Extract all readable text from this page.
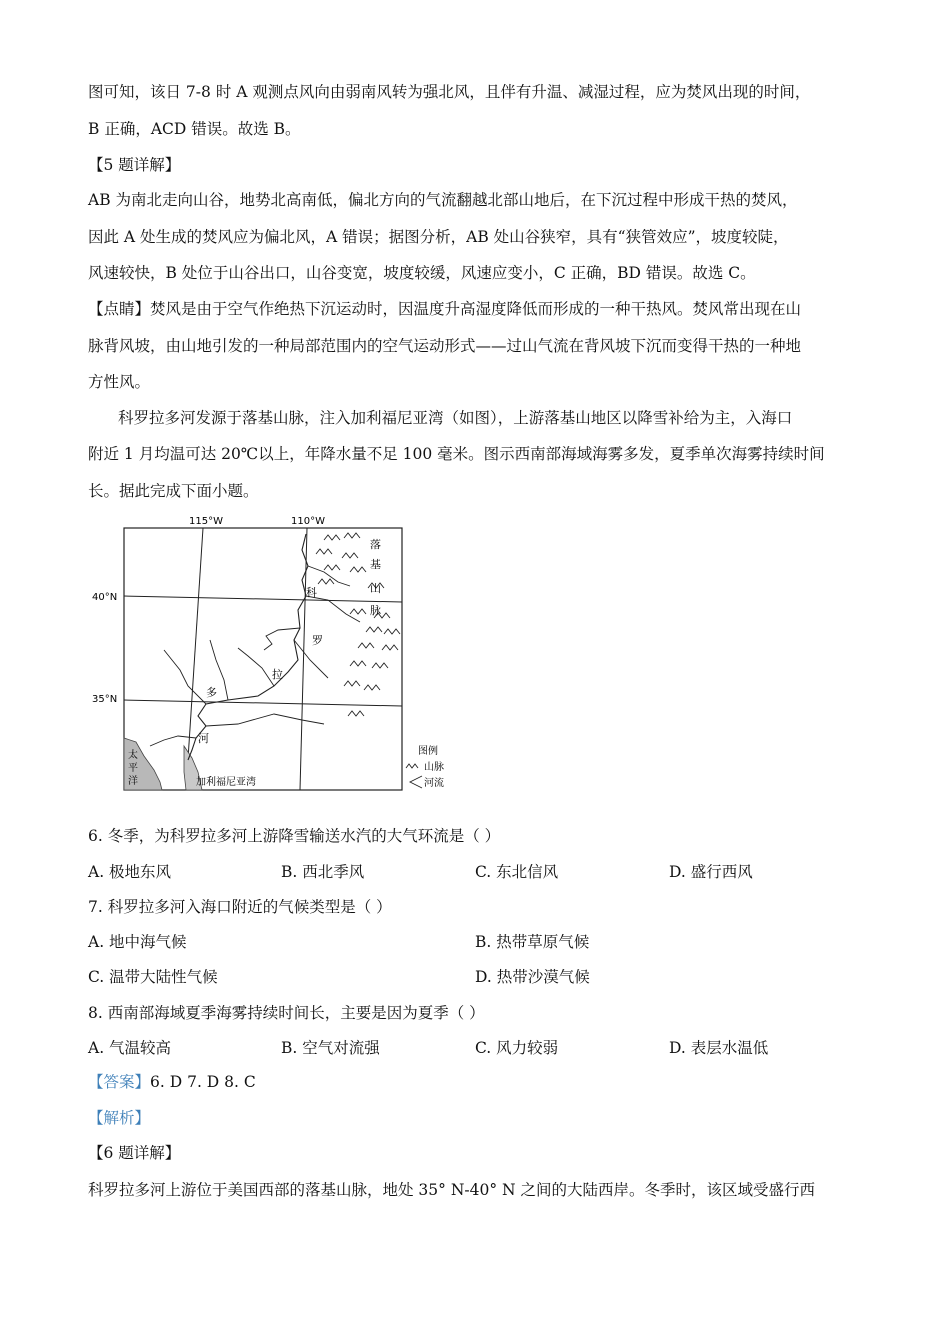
图可知，该日 7-8 时 A 观测点风向由弱南风转为强北风，且伴有升温、减湿过程，应为焚风出现的时间，
B 正确，ACD 错误。故选 B。
【5 题详解】
AB 为南北走向山谷，地势北高南低，偏北方向的气流翻越北部山地后，在下沉过程中形成干热的焚风，
因此 A 处生成的焚风应为偏北风，A 错误；据图分析，AB 处山谷狭窄，具有“狭管效应”，坡度较陡，
风速较快，B 处位于山谷出口，山谷变宽，坡度较缓，风速应变小，C 正确，BD 错误。故选 C。
【点睛】焚风是由于空气作绝热下沉运动时，因温度升高湿度降低而形成的一种干热风。焚风常出现在山
脉背风坡，由山地引发的一种局部范围内的空气运动形式——过山气流在背风坡下沉而变得干热的一种地
方性风。
科罗拉多河发源于落基山脉，注入加利福尼亚湾（如图），上游落基山地区以降雪补给为主，入海口
附近 1 月均温可达 20℃以上，年降水量不足 100 毫米。图示西南部海域海雾多发，夏季单次海雾持续时间
长。据此完成下面小题。
115°W	110°W
40°N
35°N
太
平
洋	加利福尼亚湾
落
基
山
脉
科
罗
拉
多
河
图例
山脉
河流
6. 冬季，为科罗拉多河上游降雪输送水汽的大气环流是（ ）
A. 极地东风	B. 西北季风	C. 东北信风	D. 盛行西风
7. 科罗拉多河入海口附近的气候类型是（ ）
A. 地中海气候	B. 热带草原气候
C. 温带大陆性气候	D. 热带沙漠气候
8. 西南部海域夏季海雾持续时间长，主要是因为夏季（ ）
A. 气温较高	B. 空气对流强	C. 风力较弱	D. 表层水温低
【答案】6. D 7. D 8. C
【解析】
【6 题详解】
科罗拉多河上游位于美国西部的落基山脉，地处 35° N-40° N 之间的大陆西岸。冬季时，该区域受盛行西
